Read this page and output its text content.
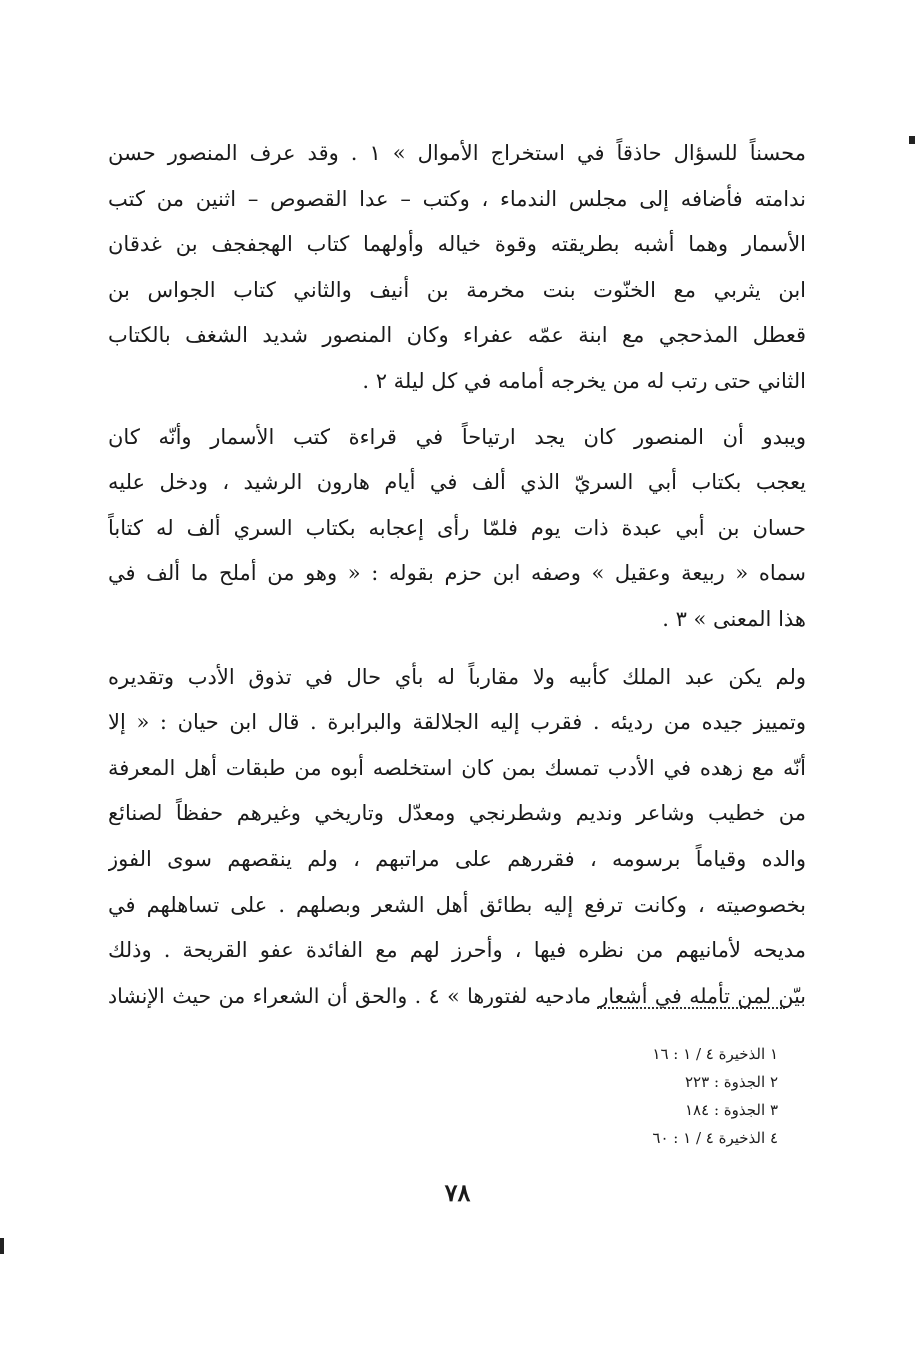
محسناً للسؤال حاذقاً في استخراج الأموال » ١ . وقد عرف المنصور حسن
ندامته فأضافه إلى مجلس الندماء ، وكتب – عدا القصوص – اثنين من كتب
الأسمار وهما أشبه بطريقته وقوة خياله وأولهما كتاب الهجفجف بن غدقان
ابن يثربي مع الخنّوت بنت مخرمة بن أنيف والثاني كتاب الجواس بن
قعطل المذحجي مع ابنة عمّه عفراء وكان المنصور شديد الشغف بالكتاب
الثاني حتى رتب له من يخرجه أمامه في كل ليلة ٢ .

ويبدو أن المنصور كان يجد ارتياحاً في قراءة كتب الأسمار وأنّه كان
يعجب بكتاب أبي السريّ الذي ألف في أيام هارون الرشيد ، ودخل عليه
حسان بن أبي عبدة ذات يوم فلمّا رأى إعجابه بكتاب السري ألف له كتاباً
سماه « ربيعة وعقيل » وصفه ابن حزم بقوله : « وهو من أملح ما ألف في
هذا المعنى » ٣ .

ولم يكن عبد الملك كأبيه ولا مقارباً له بأي حال في تذوق الأدب وتقديره
وتمييز جيده من رديئه . فقرب إليه الجلالقة والبرابرة . قال ابن حيان : « إلا
أنّه مع زهده في الأدب تمسك بمن كان استخلصه أبوه من طبقات أهل المعرفة
من خطيب وشاعر ونديم وشطرنجي ومعدّل وتاريخي وغيرهم حفظاً لصنائع
والده وقياماً برسومه ، فقررهم على مراتبهم ، ولم ينقصهم سوى الفوز
بخصوصيته ، وكانت ترفع إليه بطائق أهل الشعر وبصلهم . على تساهلهم في
مديحه لأمانيهم من نظره فيها ، وأحرز لهم مع الفائدة عفو القريحة . وذلك
بيّن لمن تأمله في أشعار مادحيه لفتورها » ٤ . والحق أن الشعراء من حيث الإنشاد

١ الذخيرة ٤ / ١ : ١٦
٢ الجذوة : ٢٢٣
٣ الجذوة : ١٨٤
٤ الذخيرة ٤ / ١ : ٦٠
٧٨
